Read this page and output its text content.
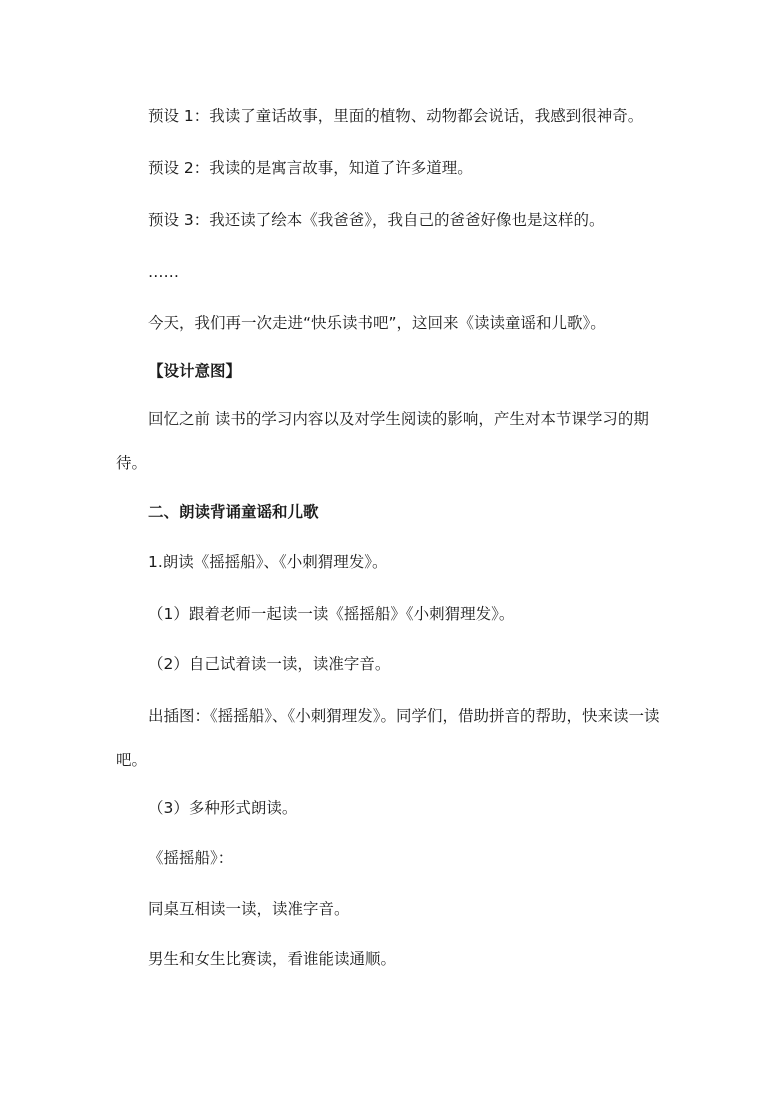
预设 1：我读了童话故事，里面的植物、动物都会说话，我感到很神奇。
预设 2：我读的是寓言故事，知道了许多道理。
预设 3：我还读了绘本《我爸爸》，我自己的爸爸好像也是这样的。
……
今天，我们再一次走进“快乐读书吧”，这回来《读读童谣和儿歌》。
【设计意图】
回忆之前 读书的学习内容以及对学生阅读的影响，产生对本节课学习的期待。
二、朗读背诵童谣和儿歌
1.朗读《摇摇船》、《小刺猬理发》。
（1）跟着老师一起读一读《摇摇船》《小刺猬理发》。
（2）自己试着读一读，读准字音。
出插图：《摇摇船》、《小刺猬理发》。同学们，借助拼音的帮助，快来读一读吧。
（3）多种形式朗读。
《摇摇船》：
同桌互相读一读，读准字音。
男生和女生比赛读，看谁能读通顺。
